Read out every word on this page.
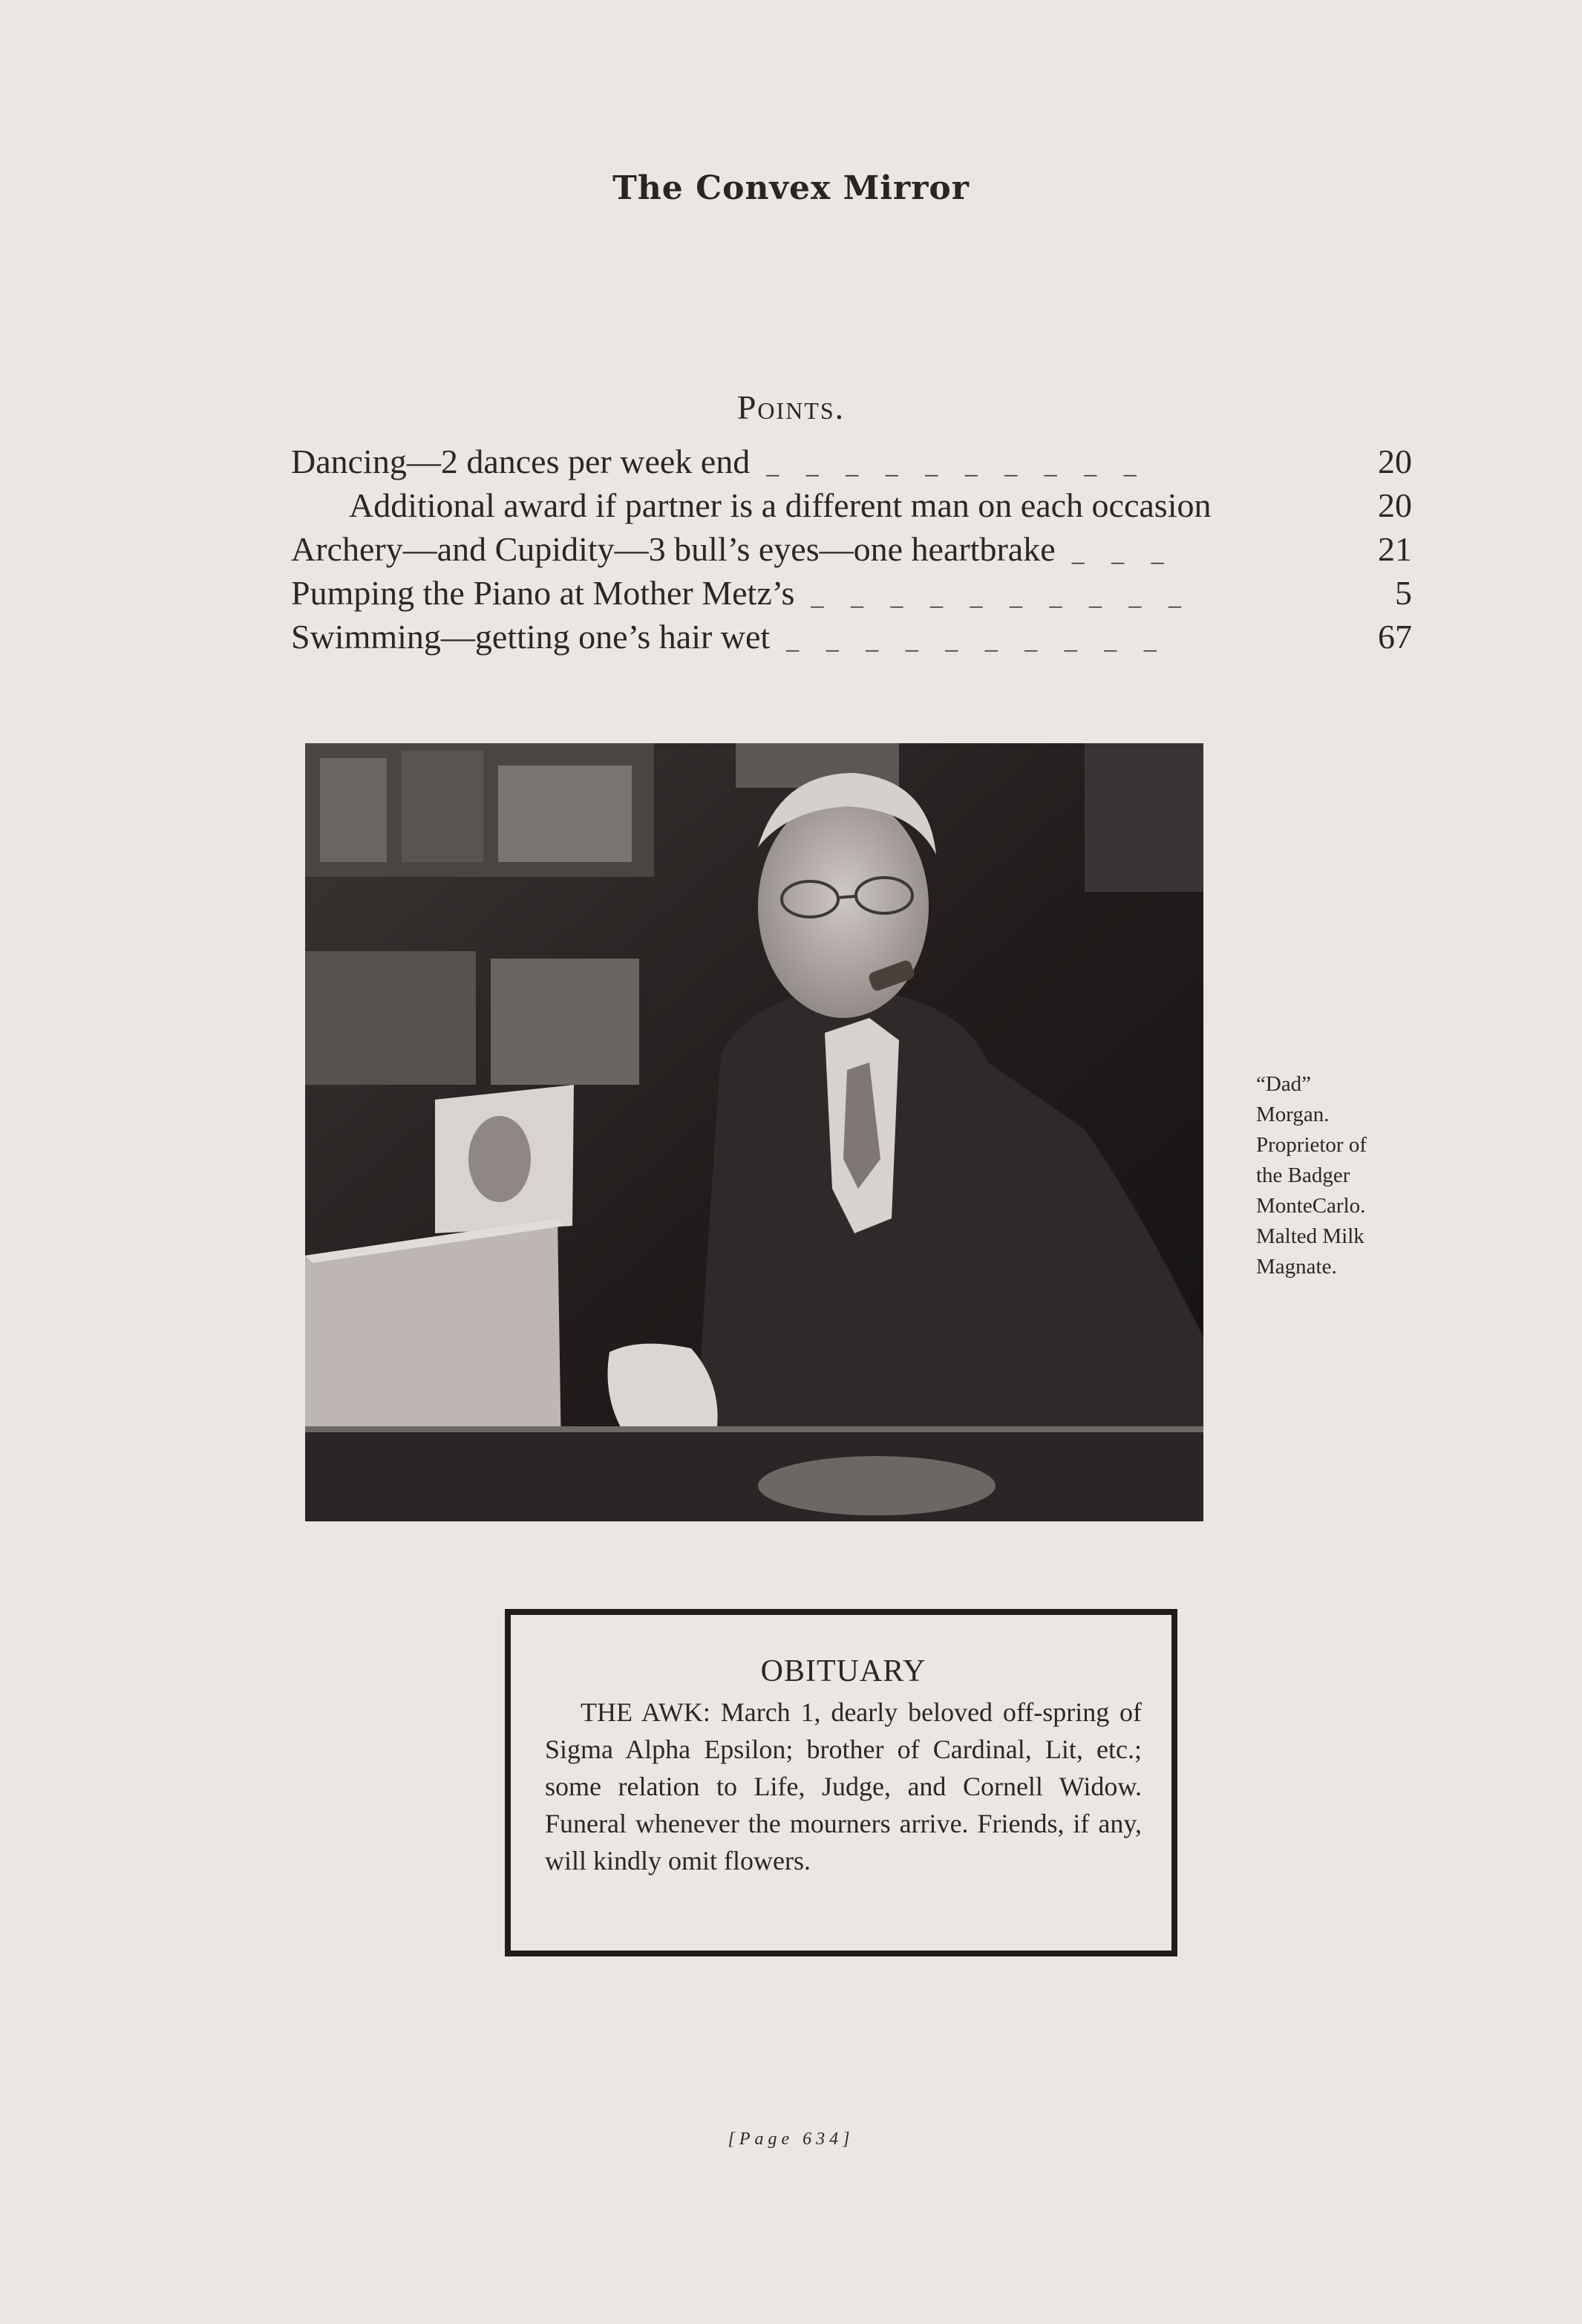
The Convex Mirror
Points.
Dancing—2 dances per week end _ _ _ _ _ _ _ _ _ _	20
Additional award if partner is a different man on each occasion	20
Archery—and Cupidity—3 bull’s eyes—one heartbrake _ _ _	21
Pumping the Piano at Mother Metz’s _ _ _ _ _ _ _ _ _ _	5
Swimming—getting one’s hair wet _ _ _ _ _ _ _ _ _ _	67
“Dad”
Morgan.
Proprietor of
the Badger
MonteCarlo.
Malted Milk
Magnate.
OBITUARY
THE AWK: March 1, dearly beloved off-spring of Sigma Alpha Epsilon; brother of Cardinal, Lit, etc.; some relation to Life, Judge, and Cornell Widow. Funeral whenever the mourners arrive. Friends, if any, will kindly omit flowers.
[Page 634]
